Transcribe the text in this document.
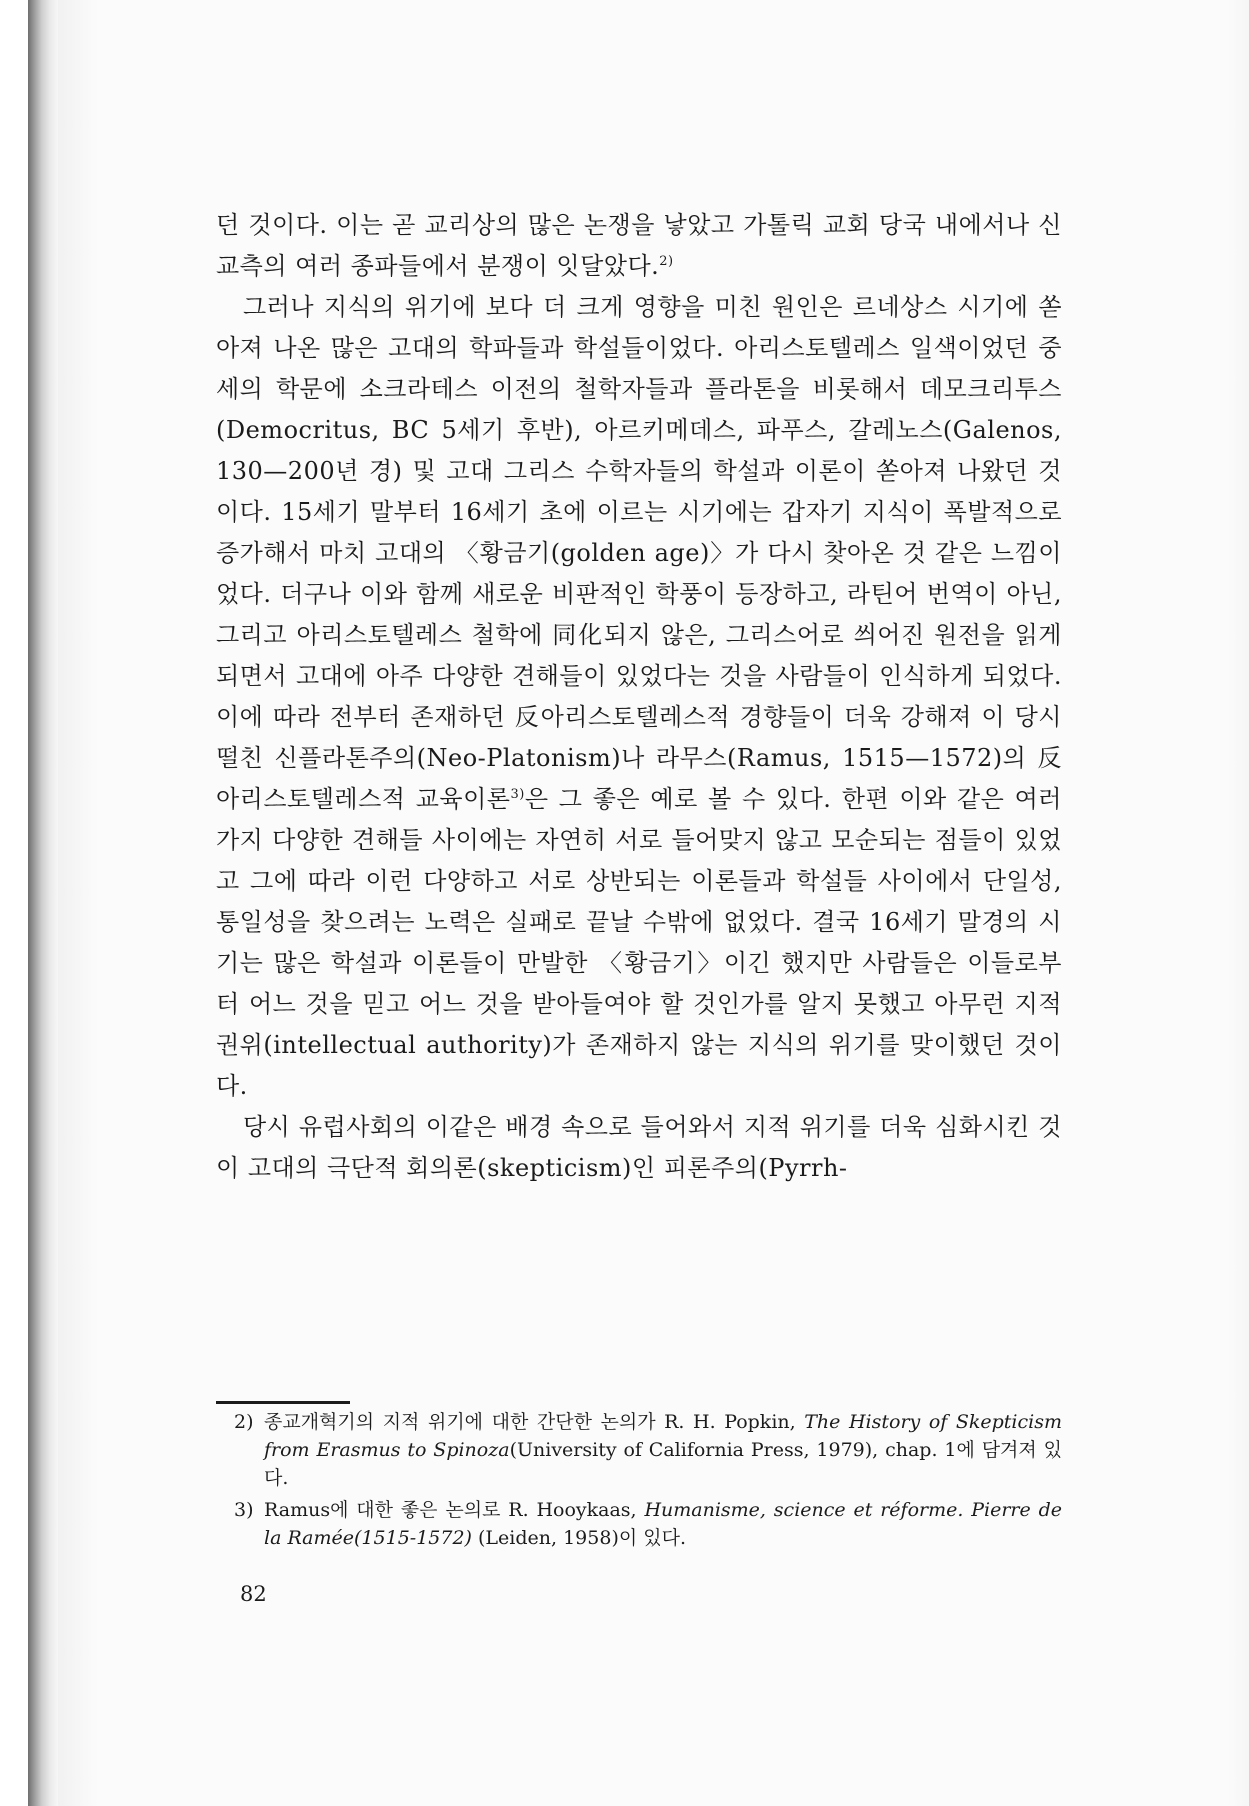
던 것이다. 이는 곧 교리상의 많은 논쟁을 낳았고 가톨릭 교회 당국 내에서나 신교측의 여러 종파들에서 분쟁이 잇달았다.$^{2)}$

그러나 지식의 위기에 보다 더 크게 영향을 미친 원인은 르네상스 시기에 쏟아져 나온 많은 고대의 학파들과 학설들이었다. 아리스토텔레스 일색이었던 중세의 학문에 소크라테스 이전의 철학자들과 플라톤을 비롯해서 데모크리투스(Democritus, BC 5세기 후반), 아르키메데스, 파푸스, 갈레노스(Galenos, 130—200년 경) 및 고대 그리스 수학자들의 학설과 이론이 쏟아져 나왔던 것이다. 15세기 말부터 16세기 초에 이르는 시기에는 갑자기 지식이 폭발적으로 증가해서 마치 고대의 〈황금기(golden age)〉가 다시 찾아온 것 같은 느낌이었다. 더구나 이와 함께 새로운 비판적인 학풍이 등장하고, 라틴어 번역이 아닌, 그리고 아리스토텔레스 철학에 同化되지 않은, 그리스어로 씌어진 원전을 읽게 되면서 고대에 아주 다양한 견해들이 있었다는 것을 사람들이 인식하게 되었다. 이에 따라 전부터 존재하던 反아리스토텔레스적 경향들이 더욱 강해져 이 당시 떨친 신플라톤주의(Neo-Platonism)나 라무스(Ramus, 1515—1572)의 反아리스토텔레스적 교육이론$^{3)}$은 그 좋은 예로 볼 수 있다. 한편 이와 같은 여러 가지 다양한 견해들 사이에는 자연히 서로 들어맞지 않고 모순되는 점들이 있었고 그에 따라 이런 다양하고 서로 상반되는 이론들과 학설들 사이에서 단일성, 통일성을 찾으려는 노력은 실패로 끝날 수밖에 없었다. 결국 16세기 말경의 시기는 많은 학설과 이론들이 만발한 〈황금기〉이긴 했지만 사람들은 이들로부터 어느 것을 믿고 어느 것을 받아들여야 할 것인가를 알지 못했고 아무런 지적 권위(intellectual authority)가 존재하지 않는 지식의 위기를 맞이했던 것이다.

당시 유럽사회의 이같은 배경 속으로 들어와서 지적 위기를 더욱 심화시킨 것이 고대의 극단적 회의론(skepticism)인 피론주의(Pyrrh-

2) 종교개혁기의 지적 위기에 대한 간단한 논의가 R. H. Popkin, The History of Skepticism from Erasmus to Spinoza(University of California Press, 1979), chap. 1에 담겨져 있다.

3) Ramus에 대한 좋은 논의로 R. Hooykaas, Humanisme, science et réforme. Pierre de la Ramée(1515-1572) (Leiden, 1958)이 있다.

82
